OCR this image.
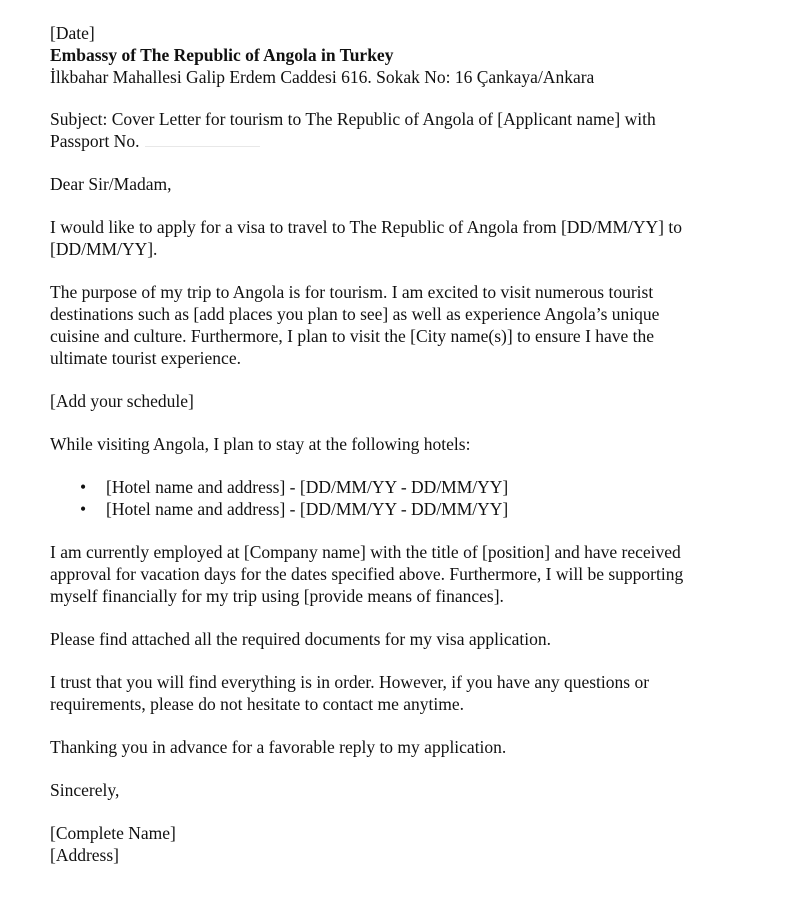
[Date]

Embassy of The Republic of Angola in Turkey

İlkbahar Mahallesi Galip Erdem Caddesi 616. Sokak No: 16 Çankaya/Ankara

Subject: Cover Letter for tourism to The Republic of Angola of [Applicant name] with

Passport No.

Dear Sir/Madam,

I would like to apply for a visa to travel to The Republic of Angola from [DD/MM/YY] to

[DD/MM/YY].

The purpose of my trip to Angola is for tourism. I am excited to visit numerous tourist

destinations such as [add places you plan to see] as well as experience Angola’s unique

cuisine and culture. Furthermore, I plan to visit the [City name(s)] to ensure I have the

ultimate tourist experience.

[Add your schedule]

While visiting Angola, I plan to stay at the following hotels:

• [Hotel name and address] - [DD/MM/YY - DD/MM/YY]
• [Hotel name and address] - [DD/MM/YY - DD/MM/YY]

I am currently employed at [Company name] with the title of [position] and have received

approval for vacation days for the dates specified above. Furthermore, I will be supporting

myself financially for my trip using [provide means of finances].

Please find attached all the required documents for my visa application.

I trust that you will find everything is in order. However, if you have any questions or

requirements, please do not hesitate to contact me anytime.

Thanking you in advance for a favorable reply to my application.

Sincerely,

[Complete Name]

[Address]
